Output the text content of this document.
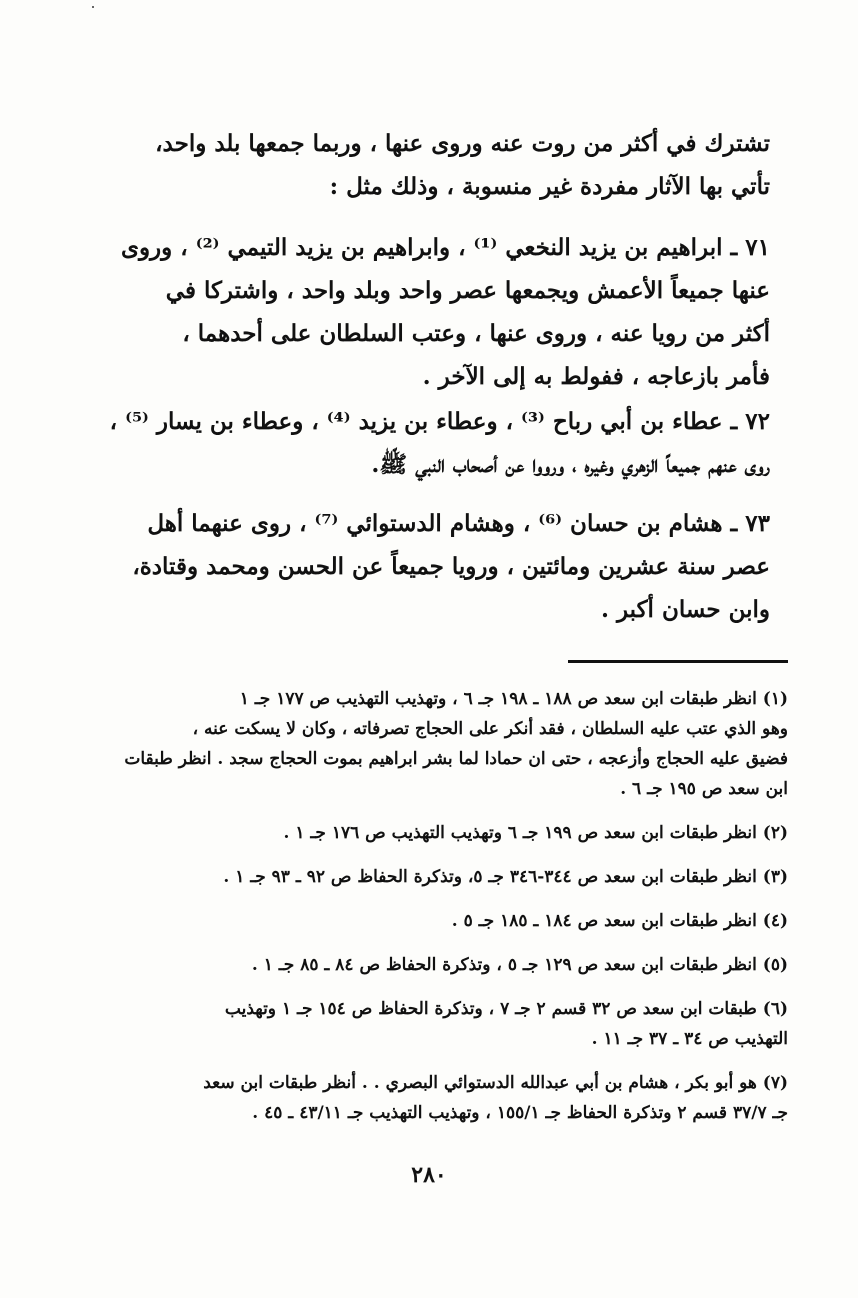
تشترك في أكثر من روت عنه وروى عنها ، وربما جمعها بلد واحد،
تأتي بها الآثار مفردة غير منسوبة ، وذلك مثل :
٧١ ـ ابراهيم بن يزيد النخعي ⁽¹⁾ ، وابراهيم بن يزيد التيمي ⁽²⁾ ، وروى
عنها جميعاً الأعمش ويجمعها عصر واحد وبلد واحد ، واشتركا في
أكثر من رويا عنه ، وروى عنها ، وعتب السلطان على أحدهما ،
فأمر بازعاجه ، ففولط به إلى الآخر .
٧٢ ـ عطاء بن أبي رباح ⁽³⁾ ، وعطاء بن يزيد ⁽⁴⁾ ، وعطاء بن يسار ⁽⁵⁾ ،
روى عنهم جميعاً الزهري وغيره ، ورووا عن أصحاب النبي ﷺ.
٧٣ ـ هشام بن حسان ⁽⁶⁾ ، وهشام الدستوائي ⁽⁷⁾ ، روى عنهما أهل
عصر سنة عشرين ومائتين ، ورويا جميعاً عن الحسن ومحمد وقتادة،
وابن حسان أكبر .

(١) انظر طبقات ابن سعد ص ١٨٨ ـ ١٩٨ جـ ٦ ، وتهذيب التهذيب ص ١٧٧ جـ ١
وهو الذي عتب عليه السلطان ، فقد أنكر على الحجاج تصرفاته ، وكان لا يسكت عنه ،
فضيق عليه الحجاج وأزعجه ، حتى ان حمادا لما بشر ابراهيم بموت الحجاج سجد . انظر طبقات
ابن سعد ص ١٩٥ جـ ٦ .

(٢) انظر طبقات ابن سعد ص ١٩٩ جـ ٦ وتهذيب التهذيب ص ١٧٦ جـ ١ .

(٣) انظر طبقات ابن سعد ص ٣٤٤-٣٤٦ جـ ٥، وتذكرة الحفاظ ص ٩٢ ـ ٩٣ جـ ١ .

(٤) انظر طبقات ابن سعد ص ١٨٤ ـ ١٨٥ جـ ٥ .

(٥) انظر طبقات ابن سعد ص ١٢٩ جـ ٥ ، وتذكرة الحفاظ ص ٨٤ ـ ٨٥ جـ ١ .

(٦) طبقات ابن سعد ص ٣٢ قسم ٢ جـ ٧ ، وتذكرة الحفاظ ص ١٥٤ جـ ١ وتهذيب
التهذيب ص ٣٤ ـ ٣٧ جـ ١١ .

(٧) هو أبو بكر ، هشام بن أبي عبدالله الدستوائي البصري . . أنظر طبقات ابن سعد
جـ ٣٧/٧ قسم ٢ وتذكرة الحفاظ جـ ١٥٥/١ ، وتهذيب التهذيب جـ ٤٣/١١ ـ ٤٥ .

٢٨٠
